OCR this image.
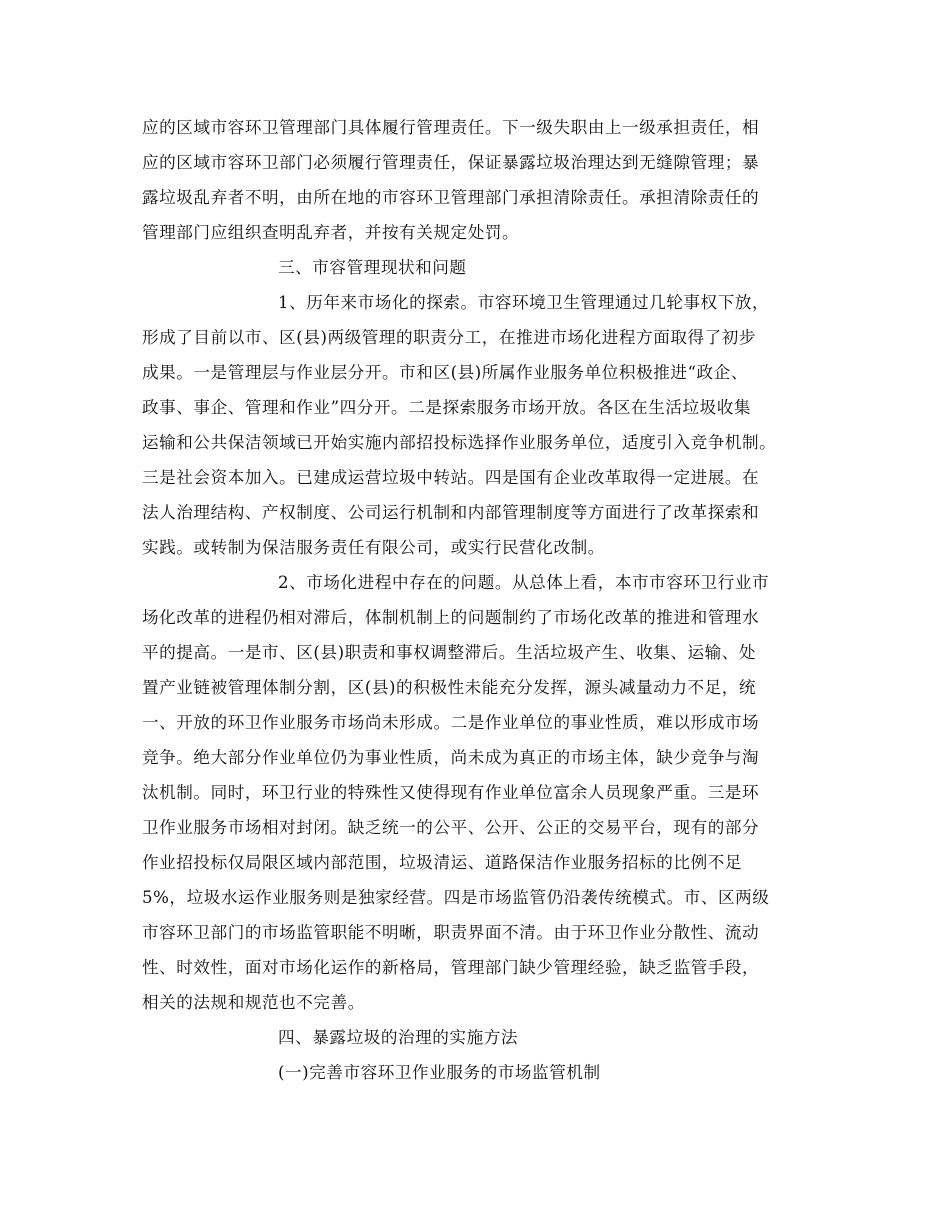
应的区域市容环卫管理部门具体履行管理责任。下一级失职由上一级承担责任，相
应的区域市容环卫部门必须履行管理责任，保证暴露垃圾治理达到无缝隙管理；暴
露垃圾乱弃者不明，由所在地的市容环卫管理部门承担清除责任。承担清除责任的
管理部门应组织查明乱弃者，并按有关规定处罚。
三、市容管理现状和问题
1、历年来市场化的探索。市容环境卫生管理通过几轮事权下放，
形成了目前以市、区(县)两级管理的职责分工，在推进市场化进程方面取得了初步
成果。一是管理层与作业层分开。市和区(县)所属作业服务单位积极推进“政企、
政事、事企、管理和作业”四分开。二是探索服务市场开放。各区在生活垃圾收集
运输和公共保洁领域已开始实施内部招投标选择作业服务单位，适度引入竞争机制。
三是社会资本加入。已建成运营垃圾中转站。四是国有企业改革取得一定进展。在
法人治理结构、产权制度、公司运行机制和内部管理制度等方面进行了改革探索和
实践。或转制为保洁服务责任有限公司，或实行民营化改制。
2、市场化进程中存在的问题。从总体上看，本市市容环卫行业市
场化改革的进程仍相对滞后，体制机制上的问题制约了市场化改革的推进和管理水
平的提高。一是市、区(县)职责和事权调整滞后。生活垃圾产生、收集、运输、处
置产业链被管理体制分割，区(县)的积极性未能充分发挥，源头减量动力不足，统
一、开放的环卫作业服务市场尚未形成。二是作业单位的事业性质，难以形成市场
竞争。绝大部分作业单位仍为事业性质，尚未成为真正的市场主体，缺少竞争与淘
汰机制。同时，环卫行业的特殊性又使得现有作业单位富余人员现象严重。三是环
卫作业服务市场相对封闭。缺乏统一的公平、公开、公正的交易平台，现有的部分
作业招投标仅局限区域内部范围，垃圾清运、道路保洁作业服务招标的比例不足
5%，垃圾水运作业服务则是独家经营。四是市场监管仍沿袭传统模式。市、区两级
市容环卫部门的市场监管职能不明晰，职责界面不清。由于环卫作业分散性、流动
性、时效性，面对市场化运作的新格局，管理部门缺少管理经验，缺乏监管手段，
相关的法规和规范也不完善。
四、暴露垃圾的治理的实施方法
(一)完善市容环卫作业服务的市场监管机制
